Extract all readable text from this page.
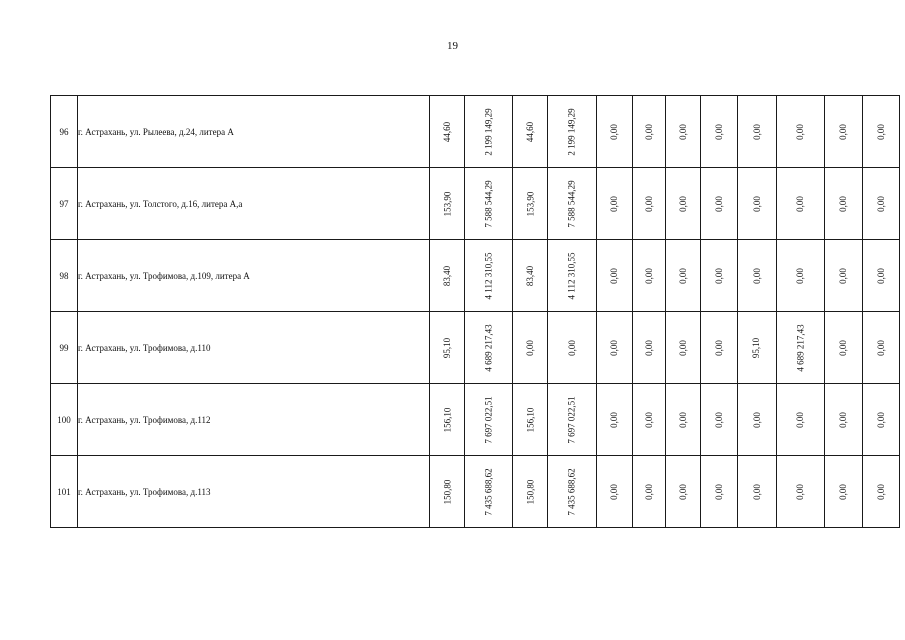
19
96	г. Астрахань, ул. Рылеева, д.24, литера А	44,60	2 199 149,29	44,60	2 199 149,29	0,00	0,00	0,00	0,00	0,00	0,00	0,00	0,00
97	г. Астрахань, ул. Толстого, д.16, литера А,а	153,90	7 588 544,29	153,90	7 588 544,29	0,00	0,00	0,00	0,00	0,00	0,00	0,00	0,00
98	г. Астрахань, ул. Трофимова, д.109, литера А	83,40	4 112 310,55	83,40	4 112 310,55	0,00	0,00	0,00	0,00	0,00	0,00	0,00	0,00
99	г. Астрахань, ул. Трофимова, д.110	95,10	4 689 217,43	0,00	0,00	0,00	0,00	0,00	0,00	95,10	4 689 217,43	0,00	0,00
100	г. Астрахань, ул. Трофимова, д.112	156,10	7 697 022,51	156,10	7 697 022,51	0,00	0,00	0,00	0,00	0,00	0,00	0,00	0,00
101	г. Астрахань, ул. Трофимова, д.113	150,80	7 435 688,62	150,80	7 435 688,62	0,00	0,00	0,00	0,00	0,00	0,00	0,00	0,00
